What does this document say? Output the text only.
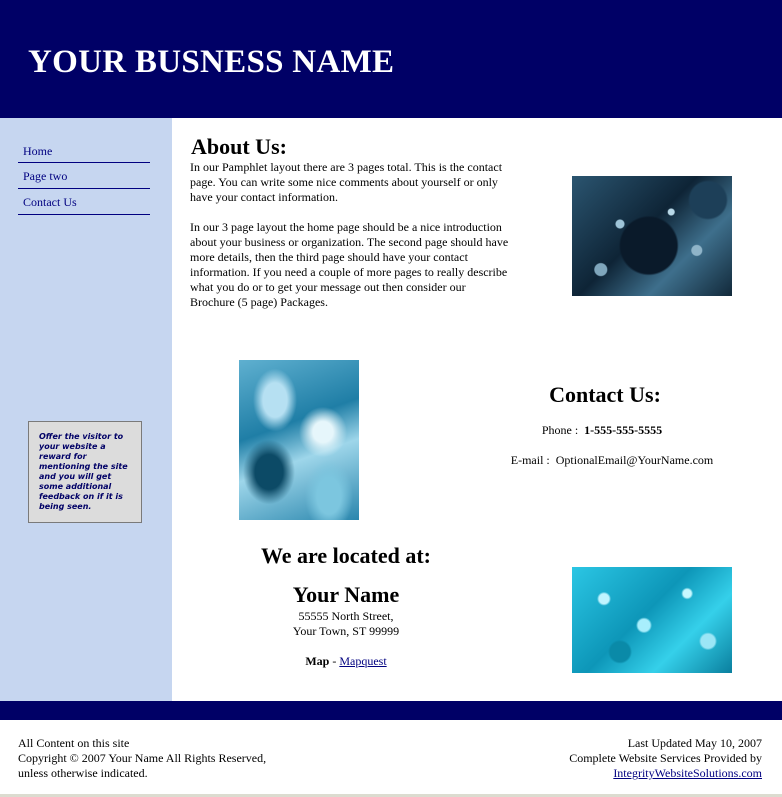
YOUR BUSNESS NAME
Home
Page two
Contact Us
Offer the visitor to your website a reward for mentioning the site and you will get some additional feedback on if it is being seen.
About Us:

In our Pamphlet layout there are 3 pages total. This is the contact page. You can write some nice comments about yourself or only have your contact information.

In our 3 page layout the home page should be a nice introduction about your business or organization. The second page should have more details, then the third page should have your contact information. If you need a couple of more pages to really describe what you do or to get your message out then consider our Brochure (5 page) Packages.

Contact Us:
Phone : 1-555-555-5555
E-mail : OptionalEmail@YourName.com
We are located at:
Your Name
55555 North Street,
Your Town, ST 99999
Map - Mapquest
All Content on this site
Copyright © 2007 Your Name All Rights Reserved,
unless otherwise indicated.
Last Updated May 10, 2007
Complete Website Services Provided by
IntegrityWebsiteSolutions.com
